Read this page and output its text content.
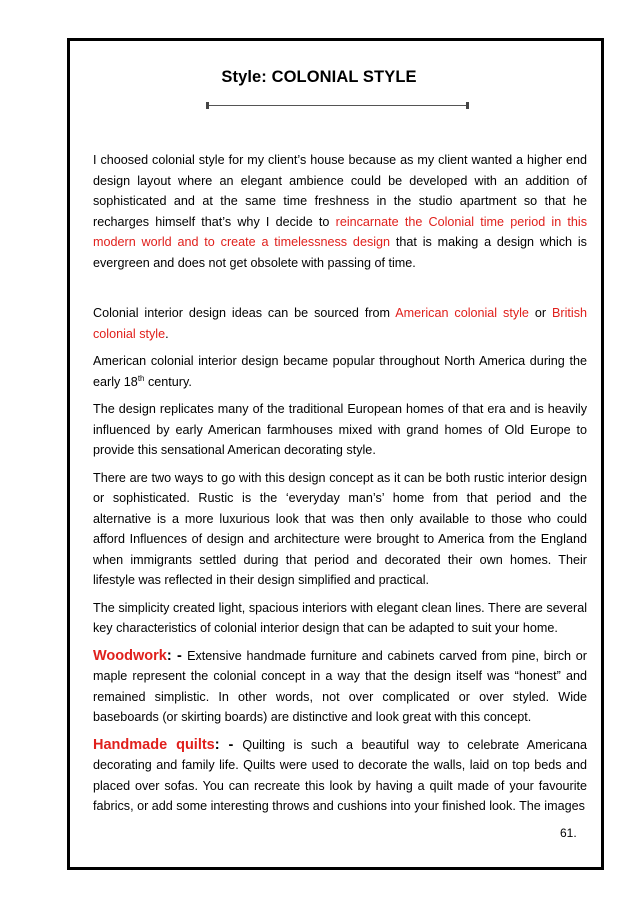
Style: COLONIAL STYLE

I choosed colonial style for my client’s house because as my client wanted a higher end design layout where an elegant ambience could be developed with an addition of sophisticated and at the same time freshness in the studio apartment so that he recharges himself that’s why I decide to reincarnate the Colonial time period in this modern world and to create a timelessness design that is making a design which is evergreen and does not get obsolete with passing of time.

Colonial interior design ideas can be sourced from American colonial style or British colonial style.

American colonial interior design became popular throughout North America during the early 18th century.

The design replicates many of the traditional European homes of that era and is heavily influenced by early American farmhouses mixed with grand homes of Old Europe to provide this sensational American decorating style.

There are two ways to go with this design concept as it can be both rustic interior design or sophisticated. Rustic is the ‘everyday man’s’ home from that period and the alternative is a more luxurious look that was then only available to those who could afford Influences of design and architecture were brought to America from the England when immigrants settled during that period and decorated their own homes. Their lifestyle was reflected in their design simplified and practical.

The simplicity created light, spacious interiors with elegant clean lines. There are several key characteristics of colonial interior design that can be adapted to suit your home.

Woodwork: - Extensive handmade furniture and cabinets carved from pine, birch or maple represent the colonial concept in a way that the design itself was “honest” and remained simplistic. In other words, not over complicated or over styled. Wide baseboards (or skirting boards) are distinctive and look great with this concept.

Handmade quilts: - Quilting is such a beautiful way to celebrate Americana decorating and family life. Quilts were used to decorate the walls, laid on top beds and placed over sofas. You can recreate this look by having a quilt made of your favourite fabrics, or add some interesting throws and cushions into your finished look. The images

61.
